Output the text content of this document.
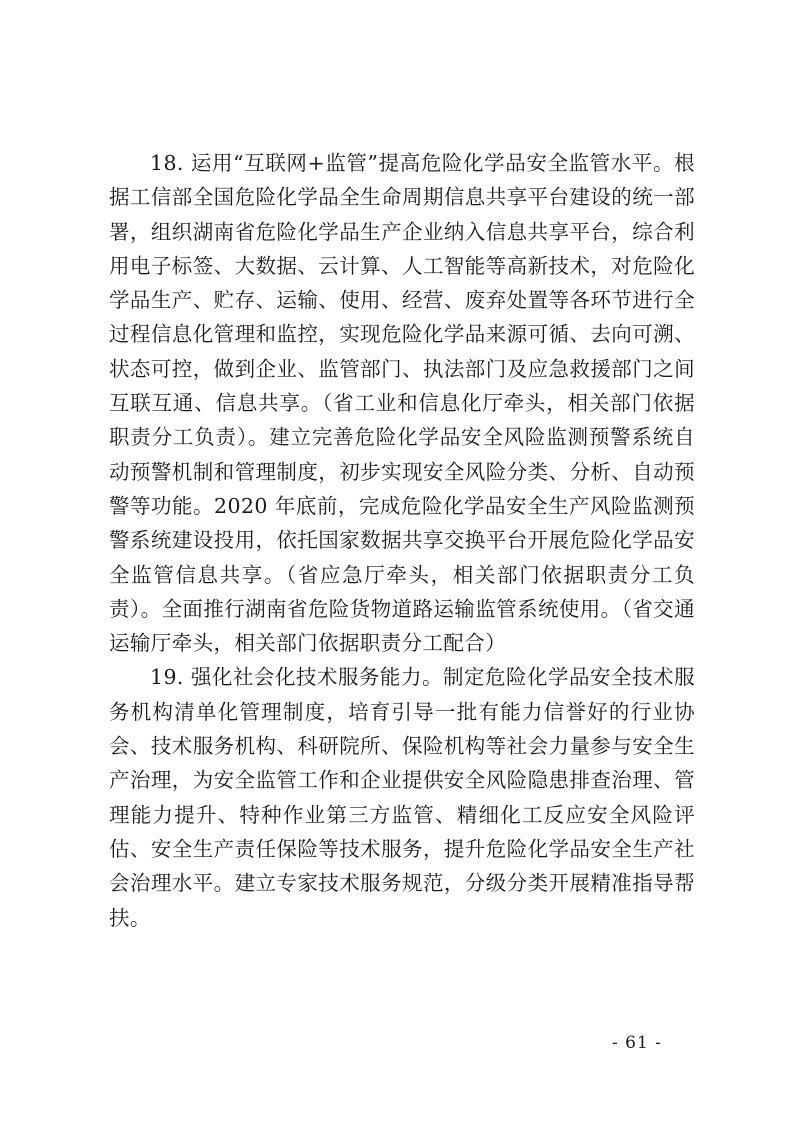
18. 运用“互联网+监管”提高危险化学品安全监管水平。根据工信部全国危险化学品全生命周期信息共享平台建设的统一部署，组织湖南省危险化学品生产企业纳入信息共享平台，综合利用电子标签、大数据、云计算、人工智能等高新技术，对危险化学品生产、贮存、运输、使用、经营、废弃处置等各环节进行全过程信息化管理和监控，实现危险化学品来源可循、去向可溯、状态可控，做到企业、监管部门、执法部门及应急救援部门之间互联互通、信息共享。（省工业和信息化厅牵头，相关部门依据职责分工负责）。建立完善危险化学品安全风险监测预警系统自动预警机制和管理制度，初步实现安全风险分类、分析、自动预警等功能。2020 年底前，完成危险化学品安全生产风险监测预警系统建设投用，依托国家数据共享交换平台开展危险化学品安全监管信息共享。（省应急厅牵头，相关部门依据职责分工负责）。全面推行湖南省危险货物道路运输监管系统使用。（省交通运输厅牵头，相关部门依据职责分工配合）

19. 强化社会化技术服务能力。制定危险化学品安全技术服务机构清单化管理制度，培育引导一批有能力信誉好的行业协会、技术服务机构、科研院所、保险机构等社会力量参与安全生产治理，为安全监管工作和企业提供安全风险隐患排查治理、管理能力提升、特种作业第三方监管、精细化工反应安全风险评估、安全生产责任保险等技术服务，提升危险化学品安全生产社会治理水平。建立专家技术服务规范，分级分类开展精准指导帮扶。

- 61 -
